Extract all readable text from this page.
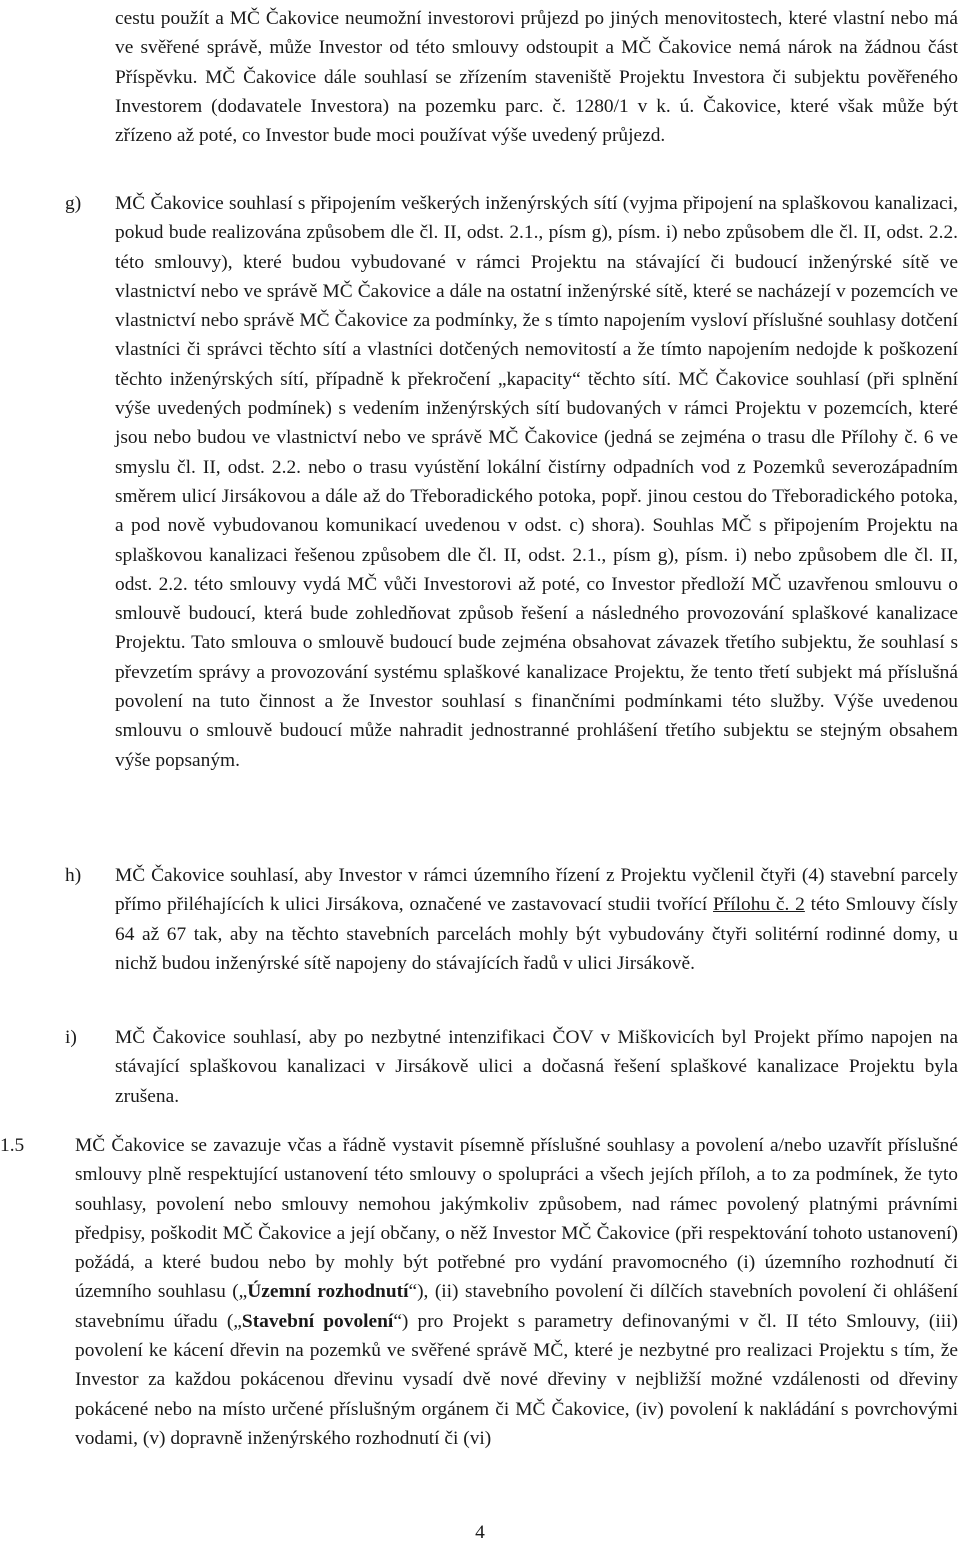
cestu použít a MČ Čakovice neumožní investorovi průjezd po jiných menovitostech, které vlastní nebo má ve svěřené správě, může Investor od této smlouvy odstoupit a MČ Čakovice nemá nárok na žádnou část Příspěvku. MČ Čakovice dále souhlasí se zřízením staveniště Projektu Investora či subjektu pověřeného Investorem (dodavatele Investora) na pozemku parc. č. 1280/1 v k. ú. Čakovice, které však může být zřízeno až poté, co Investor bude moci používat výše uvedený průjezd.

g) MČ Čakovice souhlasí s připojením veškerých inženýrských sítí (vyjma připojení na splaškovou kanalizaci, pokud bude realizována způsobem dle čl. II, odst. 2.1., písm g), písm. i) nebo způsobem dle čl. II, odst. 2.2. této smlouvy), které budou vybudované v rámci Projektu na stávající či budoucí inženýrské sítě ve vlastnictví nebo ve správě MČ Čakovice a dále na ostatní inženýrské sítě, které se nacházejí v pozemcích ve vlastnictví nebo správě MČ Čakovice za podmínky, že s tímto napojením vysloví příslušné souhlasy dotčení vlastníci či správci těchto sítí a vlastníci dotčených nemovitostí a že tímto napojením nedojde k poškození těchto inženýrských sítí, případně k překročení „kapacity“ těchto sítí. MČ Čakovice souhlasí (při splnění výše uvedených podmínek) s vedením inženýrských sítí budovaných v rámci Projektu v pozemcích, které jsou nebo budou ve vlastnictví nebo ve správě MČ Čakovice (jedná se zejména o trasu dle Přílohy č. 6 ve smyslu čl. II, odst. 2.2. nebo o trasu vyústění lokální čistírny odpadních vod z Pozemků severozápadním směrem ulicí Jirsákovou a dále až do Třeboradického potoka, popř. jinou cestou do Třeboradického potoka, a pod nově vybudovanou komunikací uvedenou v odst. c) shora). Souhlas MČ s připojením Projektu na splaškovou kanalizaci řešenou způsobem dle čl. II, odst. 2.1., písm g), písm. i) nebo způsobem dle čl. II, odst. 2.2. této smlouvy vydá MČ vůči Investorovi až poté, co Investor předloží MČ uzavřenou smlouvu o smlouvě budoucí, která bude zohledňovat způsob řešení a následného provozování splaškové kanalizace Projektu. Tato smlouva o smlouvě budoucí bude zejména obsahovat závazek třetího subjektu, že souhlasí s převzetím správy a provozování systému splaškové kanalizace Projektu, že tento třetí subjekt má příslušná povolení na tuto činnost a že Investor souhlasí s finančními podmínkami této služby. Výše uvedenou smlouvu o smlouvě budoucí může nahradit jednostranné prohlášení třetího subjektu se stejným obsahem výše popsaným.

h) MČ Čakovice souhlasí, aby Investor v rámci územního řízení z Projektu vyčlenil čtyři (4) stavební parcely přímo přiléhajících k ulici Jirsákova, označené ve zastavovací studii tvořící Přílohu č. 2 této Smlouvy čísly 64 až 67 tak, aby na těchto stavebních parcelách mohly být vybudovány čtyři solitérní rodinné domy, u nichž budou inženýrské sítě napojeny do stávajících řadů v ulici Jirsákově.

i) MČ Čakovice souhlasí, aby po nezbytné intenzifikaci ČOV v Miškovicích byl Projekt přímo napojen na stávající splaškovou kanalizaci v Jirsákově ulici a dočasná řešení splaškové kanalizace Projektu byla zrušena.

1.5	MČ Čakovice se zavazuje včas a řádně vystavit písemně příslušné souhlasy a povolení a/nebo uzavřít příslušné smlouvy plně respektující ustanovení této smlouvy o spolupráci a všech jejích příloh, a to za podmínek, že tyto souhlasy, povolení nebo smlouvy nemohou jakýmkoliv způsobem, nad rámec povolený platnými právními předpisy, poškodit MČ Čakovice a její občany, o něž Investor MČ Čakovice (při respektování tohoto ustanovení) požádá, a které budou nebo by mohly být potřebné pro vydání pravomocného (i) územního rozhodnutí či územního souhlasu („Územní rozhodnutí“), (ii) stavebního povolení či dílčích stavebních povolení či ohlášení stavebnímu úřadu („Stavební povolení“) pro Projekt s parametry definovanými v čl. II této Smlouvy, (iii) povolení ke kácení dřevin na pozemků ve svěřené správě MČ, které je nezbytné pro realizaci Projektu s tím, že Investor za každou pokácenou dřevinu vysadí dvě nové dřeviny v nejbližší možné vzdálenosti od dřeviny pokácené nebo na místo určené příslušným orgánem či MČ Čakovice, (iv) povolení k nakládání s povrchovými vodami, (v) dopravně inženýrského rozhodnutí či (vi)

4
